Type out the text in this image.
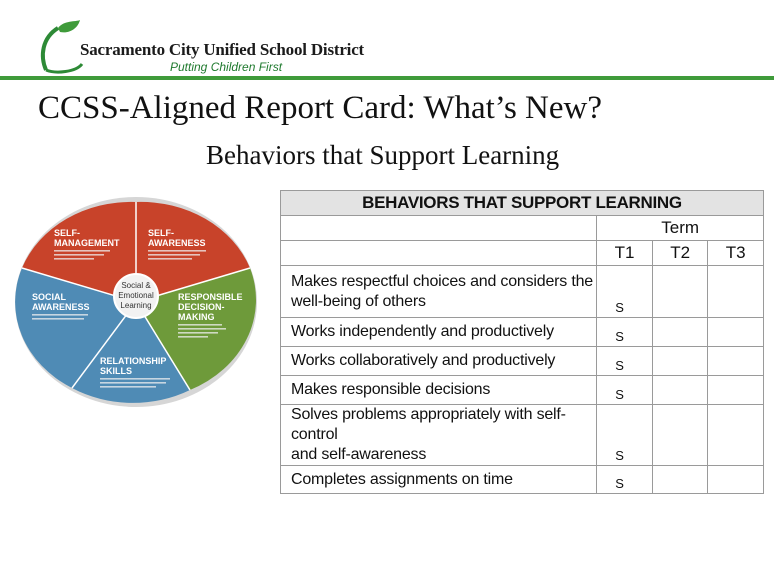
Sacramento City Unified School District
Putting Children First
CCSS-Aligned Report Card: What’s New?
Behaviors that Support Learning
Social &
Emotional
Learning
SELF-
MANAGEMENT
SELF-
AWARENESS
RESPONSIBLE
DECISION-
MAKING
RELATIONSHIP
SKILLS
SOCIAL
AWARENESS
BEHAVIORS THAT SUPPORT LEARNING			
	Term		
	T1	T2	T3
Makes respectful choices and considers the
well-being of others	S		
Works independently and productively	S		
Works collaboratively and productively	S		
Makes responsible decisions	S		
Solves problems appropriately with self-control
and self-awareness	S		
Completes assignments on time	S		
